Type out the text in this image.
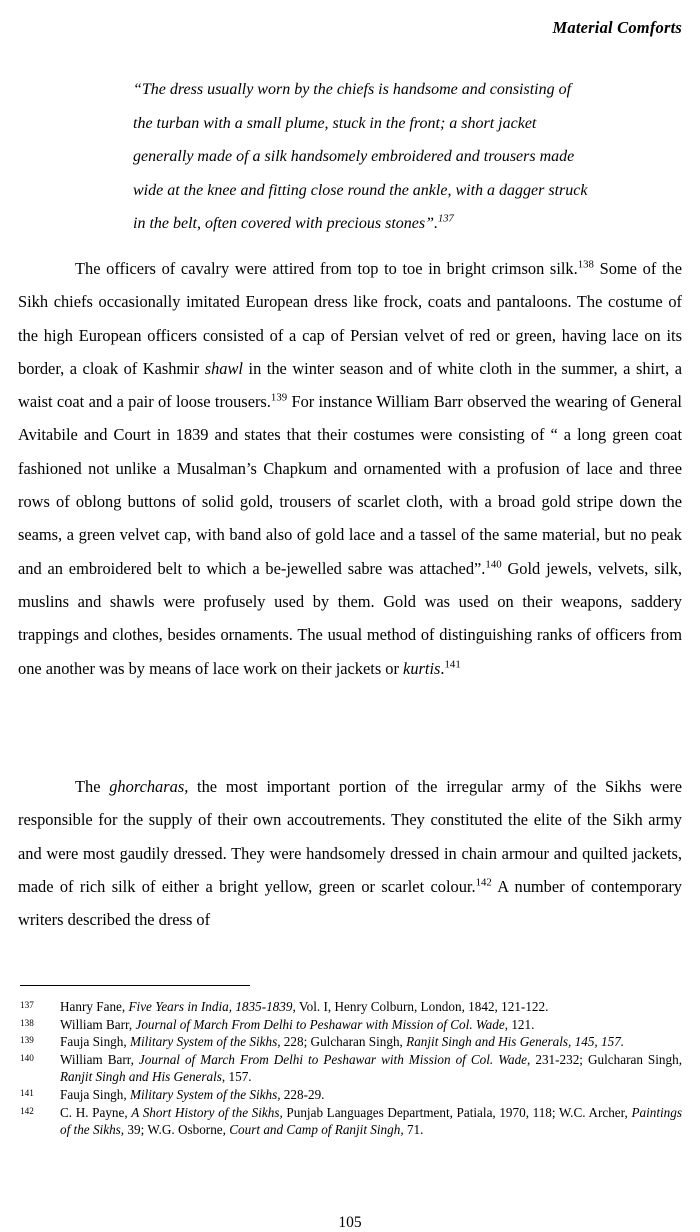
Material Comforts
“The dress usually worn by the chiefs is handsome and consisting of
the turban with a small plume, stuck in the front; a short jacket
generally made of a silk handsomely embroidered and trousers made
wide at the knee and fitting close round the ankle, with a dagger struck
in the belt, often covered with precious stones”.$^{137}$

The officers of cavalry were attired from top to toe in bright crimson silk.$^{138}$ Some of the Sikh chiefs occasionally imitated European dress like frock, coats and pantaloons. The costume of the high European officers consisted of a cap of Persian velvet of red or green, having lace on its border, a cloak of Kashmir shawl in the winter season and of white cloth in the summer, a shirt, a waist coat and a pair of loose trousers.$^{139}$ For instance William Barr observed the wearing of General Avitabile and Court in 1839 and states that their costumes were consisting of “ a long green coat fashioned not unlike a Musalman’s Chapkum and ornamented with a profusion of lace and three rows of oblong buttons of solid gold, trousers of scarlet cloth, with a broad gold stripe down the seams, a green velvet cap, with band also of gold lace and a tassel of the same material, but no peak and an embroidered belt to which a be-jewelled sabre was attached”.$^{140}$ Gold jewels, velvets, silk, muslins and shawls were profusely used by them. Gold was used on their weapons, saddery trappings and clothes, besides ornaments. The usual method of distinguishing ranks of officers from one another was by means of lace work on their jackets or kurtis.$^{141}$

The ghorcharas, the most important portion of the irregular army of the Sikhs were responsible for the supply of their own accoutrements. They constituted the elite of the Sikh army and were most gaudily dressed. They were handsomely dressed in chain armour and quilted jackets, made of rich silk of either a bright yellow, green or scarlet colour.$^{142}$ A number of contemporary writers described the dress of

137	Hanry Fane, Five Years in India, 1835-1839, Vol. I, Henry Colburn, London, 1842, 121-122.
138	William Barr, Journal of March From Delhi to Peshawar with Mission of Col. Wade, 121.
139	Fauja Singh, Military System of the Sikhs, 228; Gulcharan Singh, Ranjit Singh and His Generals, 145, 157.
140	William Barr, Journal of March From Delhi to Peshawar with Mission of Col. Wade, 231-232; Gulcharan Singh, Ranjit Singh and His Generals, 157.
141	Fauja Singh, Military System of the Sikhs, 228-29.
142	C. H. Payne, A Short History of the Sikhs, Punjab Languages Department, Patiala, 1970, 118; W.C. Archer, Paintings of the Sikhs, 39; W.G. Osborne, Court and Camp of Ranjit Singh, 71.
105
